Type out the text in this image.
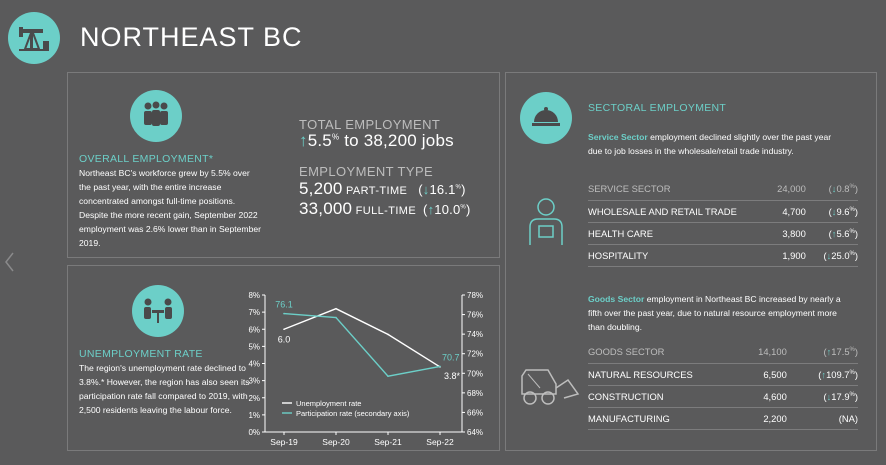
NORTHEAST BC
OVERALL EMPLOYMENT*
Northeast BC's workforce grew by 5.5% over the past year, with the entire increase concentrated amongst full-time positions. Despite the more recent gain, September 2022 employment was 2.6% lower than in September 2019.
TOTAL EMPLOYMENT
↑5.5% to 38,200 jobs
EMPLOYMENT TYPE
5,200 PART-TIME (↓16.1%)
33,000 FULL-TIME (↑10.0%)
UNEMPLOYMENT RATE
The region's unemployment rate declined to 3.8%.* However, the region has also seen its participation rate fall compared to 2019, with 2,500 residents leaving the labour force.
0%
1%
2%
3%
4%
5%
6%
7%
8%
64%
66%
68%
70%
72%
74%
76%
78%
Sep-19	Sep-20	Sep-21	Sep-22
6.0
3.8*
76.1
70.7
Unemployment rate
Participation rate (secondary axis)
SECTORAL EMPLOYMENT
Service Sector employment declined slightly over the past year due to job losses in the wholesale/retail trade industry.
SERVICE SECTOR	24,000	(↓0.8%)
WHOLESALE AND RETAIL TRADE	4,700	(↓9.6%)
HEALTH CARE	3,800	(↑5.6%)
HOSPITALITY	1,900	(↓25.0%)
Goods Sector employment in Northeast BC increased by nearly a fifth over the past year, due to natural resource employment more than doubling.
GOODS SECTOR	14,100	(↑17.5%)
NATURAL RESOURCES	6,500	(↑109.7%)
CONSTRUCTION	4,600	(↓17.9%)
MANUFACTURING	2,200	(NA)
